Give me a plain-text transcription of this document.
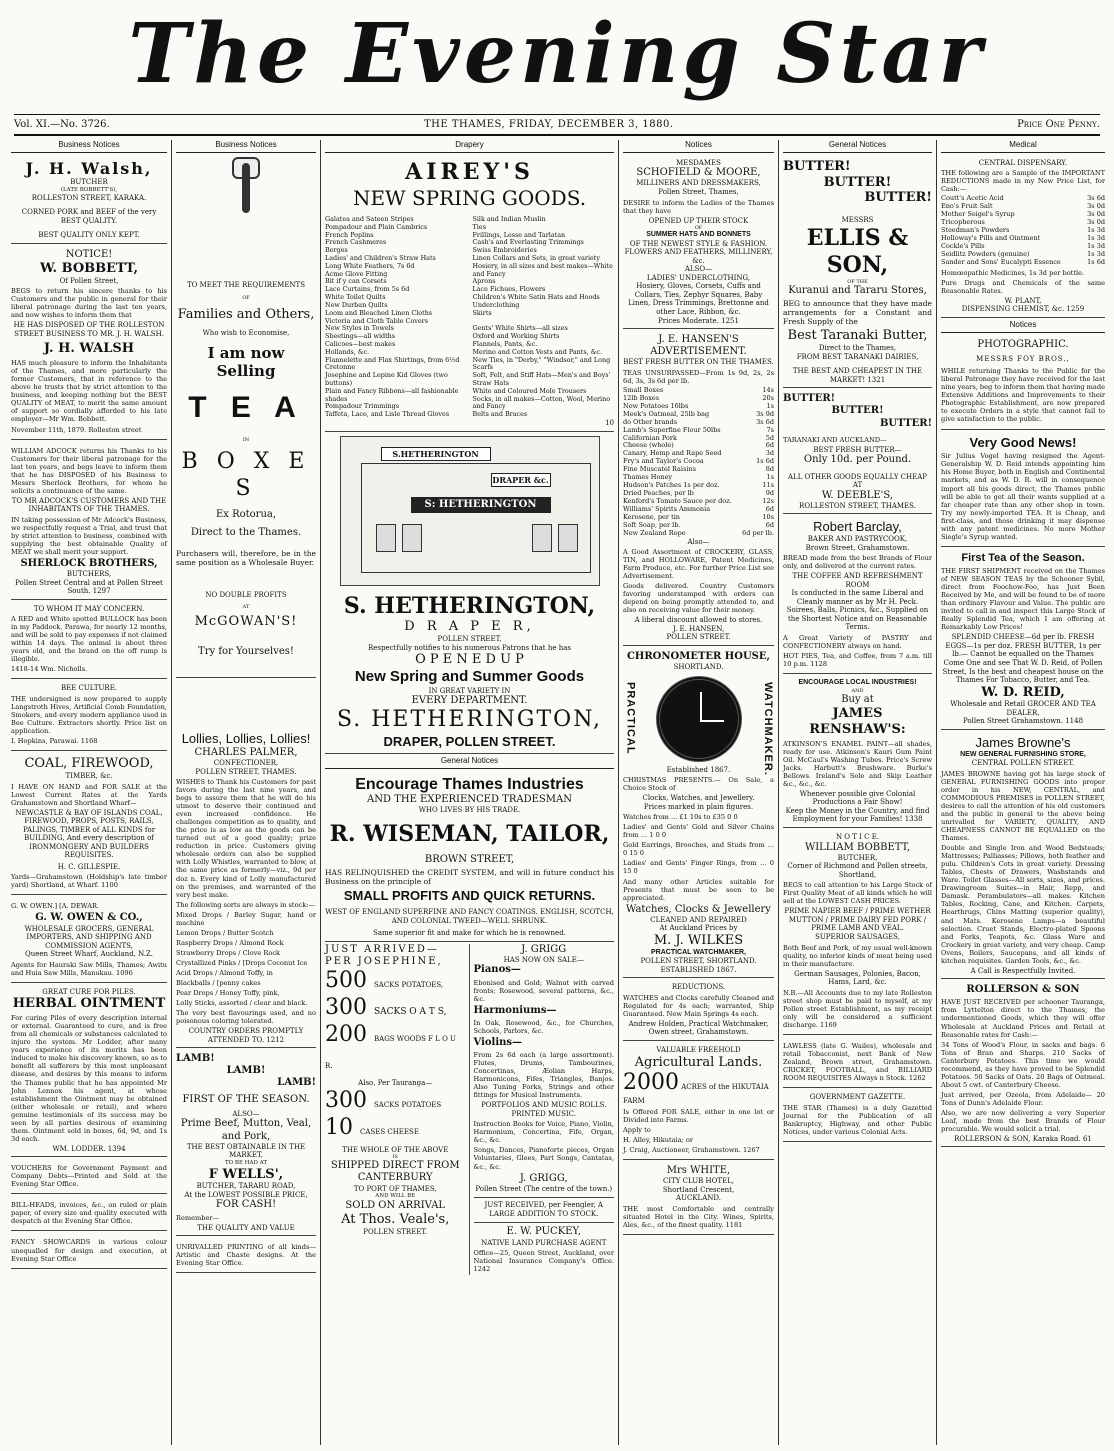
The Evening Star
Vol. XI.—No. 3726.	THE THAMES, FRIDAY, DECEMBER 3, 1880.	Price One Penny.
Business Notices
J. H. Walsh,
BUTCHER
(LATE BOBBETT'S),
ROLLESTON STREET, KARAKA.
CORNED PORK and BEEF of the very BEST QUALITY.
BEST QUALITY ONLY KEPT.
NOTICE!
W. BOBBETT,
Of Pollen Street,
BEGS to return his sincere thanks to his Customers and the public in general for their liberal patronage during the last ten years, and now wishes to inform them that
HE HAS DISPOSED OF THE ROLLESTON STREET BUSINESS TO MR. J. H. WALSH.
J. H. WALSH
HAS much pleasure to inform the Inhabitants of the Thames, and more particularly the former Customers, that in reference to the above he trusts that by strict attention to the business, and keeping nothing but the BEST QUALITY of MEAT, to merit the same amount of support so cordially afforded to his late employer—Mr Wm. Bobbett.
November 11th, 1879. Rolleston street
WILLIAM ADCOCK returns his Thanks to his Customers for their liberal patronage for the last ten years, and begs leave to inform them that he has DISPOSED of his Business to Messrs Sherlock Brothers, for whom he solicits a continuance of the same.
TO MR ADCOCK'S CUSTOMERS AND THE INHABITANTS OF THE THAMES.
IN taking possession of Mr Adcock's Business, we respectfully request a Trial, and trust that by strict attention to business, combined with supplying the best obtainable Quality of MEAT we shall merit your support.
SHERLOCK BROTHERS,
BUTCHERS,
Pollen Street Central and at Pollen Street South. 1297
TO WHOM IT MAY CONCERN.
A RED and White spotted BULLOCK has been in my Paddock, Parawa, for nearly 12 months, and will be sold to pay expenses if not claimed within 14 days. The animal is about three years old, and the brand on the off rump is illegible.
1418-14 Wm. Nicholls.
BEE CULTURE.
THE undersigned is now prepared to supply Langstroth Hives, Artificial Comb Foundation, Smokers, and every modern appliance used in Bee Culture. Extractors shortly. Price list on application.
I. Hopkins, Parawai. 1168
COAL, FIREWOOD,
TIMBER, &c.
I HAVE ON HAND and FOR SALE at the Lowest Current Rates at the Yards Grahamstown and Shortland Wharf—
NEWCASTLE & BAY OF ISLANDS COAL, FIREWOOD, PROPS, POSTS, RAILS, PALINGS, TIMBER of ALL KINDS for BUILDING, And every description of IRONMONGERY AND BUILDERS REQUISITES.
H. C. GILLESPIE.
Yards—Grahamstown (Holdship's late timber yard) Shortland, at Wharf. 1100
G. W. OWEN.] [A. DEWAR.
G. W. OWEN & CO.,
WHOLESALE GROCERS, GENERAL IMPORTERS, AND SHIPPING AND COMMISSION AGENTS,
Queen Street Wharf, Auckland, N.Z.
Agents for Hauraki Saw Mills, Thames; Awitu and Huia Saw Mills, Manukau. 1096
GREAT CURE FOR PILES.
HERBAL OINTMENT
For curing Piles of every description internal or external. Guaranteed to cure, and is free from all chemicals or substances calculated to injure the system. Mr Lodder, after many years experience of its merits has been induced to make his discovery known, so as to benefit all sufferers by this most unpleasant disease, and desires by this means to inform the Thames public that he has appointed Mr John Lennox his agent, at whose establishment the Ointment may be obtained (either wholesale or retail), and where genuine testimonials of its success may be seen by all parties desirous of examining them. Ointment sold in boxes, 6d, 9d, and 1s 3d each.
WM. LODDER. 1394
VOUCHERS for Government Payment and Company Debts—Printed and Sold at the Evening Star Office.
BILL-HEADS, invoices, &c., on ruled or plain paper, of every size and quality executed with despatch at the Evening Star Office.
FANCY SHOWCARDS in various colour unequalled for design and execution, at Evening Star Office
Business Notices
TO MEET THE REQUIREMENTS
OF
Families and Others,
Who wish to Economise,
I am now Selling
T E A
IN
B O X E S
Ex Rotorua,
Direct to the Thames.
Purchasers will, therefore, be in the same position as a Wholesale Buyer.
NO DOUBLE PROFITS
AT
McGOWAN'S!
Try for Yourselves!
Lollies, Lollies, Lollies!
CHARLES PALMER,
CONFECTIONER,
POLLEN STREET, THAMES.
WISHES to Thank his Customers for past favors during the last nine years, and begs to assure them that he will do his utmost to deserve their continued and even increased confidence. He challenges competition as to quality, and the price is as low as the goods can be turned out of a good quality; prize reduction in price. Customers giving wholesale orders can also be supplied with Lolly Whistles, warranted to blow, at the same price as formerly—viz., 9d per doz n. Every kind of Lolly manufactured on the premises, and warranted of the very best make.
The following sorts are always in stock:—
Mixed Drops / Barley Sugar, hand or machine
Lemon Drops / Butter Scotch
Raspberry Drops / Almond Rock
Strawberry Drops / Clove Rock
Crystallized Pinks / [Drops Coconut Ice
Acid Drops / Almond Toffy, in
Blackballs / [penny cakes
Pear Drops / Honey Toffy, pink,
Lolly Sticks, assorted / clear and black.
The very best flavourings used, and no poisonous coloring tolerated.
COUNTRY ORDERS PROMPTLY ATTENDED TO. 1212
LAMB!
LAMB!
LAMB!
FIRST OF THE SEASON.
ALSO—
Prime Beef, Mutton, Veal, and Pork,
THE BEST OBTAINABLE IN THE MARKET,
TO BE HAD AT
F WELLS',
BUTCHER, TARARU ROAD,
At the LOWEST POSSIBLE PRICE,
FOR CASH!
Remember—
THE QUALITY AND VALUE
UNRIVALLED PRINTING of all kinds—Artistic and Chaste designs. At the Evening Star Office.
Drapery
AIREY'S
NEW SPRING GOODS.
Galatea and Sateen Stripes
Pompadour and Plain Cambrics
French Poplins
French Cashmeres
Berges
Ladies' and Children's Straw Hats
Long White Feathers, 7s 6d
Acme Glove Fitting
Bit if y can Corsets
Lace Curtains, from 5s 6d
White Toilet Quilts
New Durban Quilts
Loom and Bleached Linen Cloths
Victoria and Cloth Table Covers
New Styles in Towels
Sheetings—all widths
Calicoes—best makes
Hollands, &c.
Flannelette and Flax Shirtings, from 6½d
Cretonne
Josephine and Lepine Kid Gloves (two buttons)
Plain and Fancy Ribbons—all fashionable shades
Pompadour Trimmings
Taffeta, Lace, and Lisle Thread Gloves
Silk and Indian Muslin
Ties
Frillings, Lesse and Tarlatan
Cash's and Everlasting Trimmings
Swiss Embroideries
Linen Collars and Sets, in great variety
Hosiery, in all sizes and best makes—White and Fancy
Aprons
Lace Fichues, Flowers
Children's White Satin Hats and Hoods
Underclothing
Skirts

Gents' White Shirts—all sizes
Oxford and Working Shirts
Flannels, Pants, &c.
Merino and Cotton Vests and Pants, &c.
New Ties, in "Derby," "Windsor," and Long Scarfs
Soft, Felt, and Stiff Hats—Men's and Boys'
Straw Hats
White and Coloured Mole Trousers
Socks, in all makes—Cotton, Wool, Merino and Fancy
Belts and Braces
10
S.HETHERINGTON
DRAPER &c.
S: HETHERINGTON
S. HETHERINGTON,
D R A P E R,
POLLEN STREET,
Respectfully notifies to his numerous Patrons that he has
O P E N E D U P
New Spring and Summer Goods
IN GREAT VARIETY IN
EVERY DEPARTMENT.
S. HETHERINGTON,
DRAPER, POLLEN STREET.
General Notices
Encourage Thames Industries
AND THE EXPERIENCED TRADESMAN
WHO LIVES BY HIS TRADE.
R. WISEMAN, TAILOR,
BROWN STREET,
HAS RELINQUISHED the CREDIT SYSTEM, and will in future conduct his Business on the principle of
SMALL PROFITS AND QUICK RETURNS.
WEST OF ENGLAND SUPERFINE AND FANCY COATINGS. ENGLISH, SCOTCH, AND COLONIAL TWEED—WELL SHRUNK.
Same superior fit and make for which he is renowned.
JUST ARRIVED— PER JOSEPHINE,
500 SACKS POTATOES,
300 SACKS O A T S,
200 BAGS WOODS F L O U R.
Also, Per Tauranga—
300 SACKS POTATOES
10 CASES CHEESE
THE WHOLE OF THE ABOVE
IS
SHIPPED DIRECT FROM
CANTERBURY
TO PORT OF THAMES,
AND WILL BE
SOLD ON ARRIVAL
At Thos. Veale's,
POLLEN STREET.
J. GRIGG
HAS NOW ON SALE—
Pianos—
Ebonised and Gold; Walnut with carved fronts; Rosewood, several patterns, &c., &c.
Harmoniums—
In Oak, Rosewood, &c., for Churches, Schools, Parlors, &c.
Violins—
From 2s 6d each (a large assortment). Flutes, Drums, Tambourines, Concertinas, Æolian Harps, Harmonicons, Fifes, Triangles, Banjos. Also Tuning Forks, Strings and other fittings for Musical Instruments.
PORTFOLIOS AND MUSIC ROLLS. PRINTED MUSIC.
Instruction Books for Voice, Piano, Violin, Harmonium, Concertina, Fife, Organ, &c., &c.
Songs, Dances, Pianoforte pieces, Organ Voluntaries, Glees, Part Songs, Cantatas, &c., &c.
J. GRIGG,
Pollen Street (The centre of the town.)
JUST RECEIVED, per Feengler, A LARGE ADDITION TO STOCK.
E. W. PUCKEY,
NATIVE LAND PURCHASE AGENT
Office—25, Queen Street, Auckland, over National Insurance Company's Office. 1242
Notices
MESDAMES
SCHOFIELD & MOORE,
MILLINERS AND DRESSMAKERS,
Pollen Street, Thames,
DESIRE to inform the Ladies of the Thames that they have
OPENED UP THEIR STOCK
OF
SUMMER HATS AND BONNETS
OF THE NEWEST STYLE & FASHION.
FLOWERS AND FEATHERS, MILLINERY, &c.
ALSO—
LADIES' UNDERCLOTHING,
Hosiery, Gloves, Corsets, Cuffs and Collars, Ties, Zephyr Squares, Baby Linen, Dress Trimmings, Brettonne and other Lace, Ribbon, &c.
Prices Moderate. 1251
J. E. HANSEN'S ADVERTISEMENT.
BEST FRESH BUTTER ON THE THAMES.
TEAS UNSURPASSED—From 1s 9d, 2s, 2s 6d, 3s, 3s 6d per lb.
Small Boxes	14s
12lb Boxes	20s
New Potatoes 16lbs	1s
Meek's Oatmeal, 25lb bag	3s 9d
do Other brands	3s 6d
Lamb's Superfine Flour 50lbs	7s
Californian Pork	5d
Cheese (whole)	6d
Canary, Hemp and Rape Seed	3d
Fry's and Taylor's Cocoa	1s 6d
Fine Muscatel Raisins	8d
Thames Honey	1s
Hudson's Patches 1s per doz.	11s
Dried Peaches, per lb	9d
Kenford's Tomato Sauce per doz.	12s
Williams' Spirits Ammonia	6d
Kerosene, per tin	10s
Soft Soap, per lb.	6d
New Zealand Rope	6d per lb.
Also—
A Good Assortment of CROCKERY, GLASS, TIN, and HOLLOWARE, Patent Medicines, Farm Produce, etc. For further Price List see Advertisement.
Goods delivered. Country Customers favoring understamped with orders can depend on being promptly attended to, and also on receiving value for their money.
A liberal discount allowed to stores.
J. E. HANSEN,
POLLEN STREET.
CHRONOMETER HOUSE,
SHORTLAND.
PRACTICAL	WATCHMAKER.
Established 1867.
CHRISTMAS PRESENTS.— On Sale, a Choice Stock of
Clocks, Watches, and Jewellery.
Prices marked in plain figures.
Watches from ... £1 10s to £35 0 0
Ladies' and Gents' Gold and Silver Chains from ... 1 0 0
Gold Earrings, Brooches, and Studs from ... 0 15 0
Ladies' and Gents' Finger Rings, from ... 0 15 0
And many other Articles suitable for Presents that must be seen to be appreciated.
Watches, Clocks & Jewellery
CLEANED AND REPAIRED
At Auckland Prices by
M. J. WILKES
PRACTICAL WATCHMAKER,
POLLEN STREET, SHORTLAND.
ESTABLISHED 1867.
REDUCTIONS.
WATCHES and Clocks carefully Cleaned and Regulated for 4s each; warranted, Ship Guaranteed. New Main Springs 4s each.
Andrew Holden, Practical Watchmaker, Owen street, Grahamstown.
VALUABLE FREEHOLD
Agricultural Lands.
2000 ACRES of the HIKUTAIA FARM
Is Offered FOR SALE, either in one lot or Divided into Farms.
Apply to
H. Alley, Hikutaia; or
J. Craig, Auctioneer, Grahamstown. 1267
Mrs WHITE,
CITY CLUB HOTEL,
Shortland Crescent,
AUCKLAND.
THE most Comfortable and centrally situated Hotel in the City. Wines, Spirits, Ales, &c., of the finest quality. 1181
General Notices
BUTTER!
BUTTER!
BUTTER!
MESSRS
ELLIS & SON,
OF THE
Kuranui and Tararu Stores,
BEG to announce that they have made arrangements for a Constant and Fresh Supply of the
Best Taranaki Butter,
Direct to the Thames,
FROM BEST TARANAKI DAIRIES,
THE BEST AND CHEAPEST IN THE MARKET! 1321
BUTTER!
BUTTER!
BUTTER!
TARANAKI AND AUCKLAND—
BEST FRESH BUTTER—
Only 10d. per Pound.
ALL OTHER GOODS EQUALLY CHEAP AT
W. DEEBLE'S,
ROLLESTON STREET, THAMES.
Robert Barclay,
BAKER AND PASTRYCOOK,
Brown Street, Grahamstown.
BREAD made from the best Brands of Flour only, and delivered at the current rates.
THE COFFEE AND REFRESHMENT ROOM
Is conducted in the same Liberal and Cleanly manner as by Mr H. Peck.
Soirees, Balls, Picnics, &c., Supplied on the Shortest Notice and on Reasonable Terms.
A Great Variety of PASTRY and CONFECTIONERY always on hand.
HOT PIES, Tea, and Coffee, from 7 a.m. till 10 p.m. 1128
ENCOURAGE LOCAL INDUSTRIES!
AND
Buy at
JAMES RENSHAW'S:
ATKINSON'S ENAMEL PAINT—all shades, ready for use. Atkinson's Kauri Gum Paint Oil. McCaul's Washing Tubes. Price's Screw Jacks. Harbutt's Brushware. Burke's Bellows. Ireland's Sole and Skip Leather &c., &c., &c.
Whenever possible give Colonial Productions a Fair Show!
Keep the Money in the Country, and find Employment for your Families! 1338
N O T I C E.
WILLIAM BOBBETT,
BUTCHER,
Corner of Richmond and Pollen streets, Shortland,
BEGS to call attention to his Large Stock of First Quality Meat of all kinds which he will sell at the LOWEST CASH PRICES.
PRIME NAPIER BEEF / PRIME WETHER MUTTON / PRIME DAIRY FED PORK / PRIME LAMB AND VEAL.
SUPERIOR SAUSAGES,
Both Beef and Pork, of my usual well-known quality, no inferior kinds of meat being used in their manufacture.
German Sausages, Polonies, Bacon, Hams, Lard, &c.
N.B.—All Accounts due to my late Rolleston street shop must be paid to myself, at my Pollen street Establishment, as my receipt only will be considered a sufficient discharge. 1169
LAWLESS (late G. Wailes), wholesale and retail Tobacconist, next Bank of New Zealand, Brown street, Grahamstown. CRICKET, FOOTBALL, and BILLIARD ROOM REQUISITES Always n Stock. 1262
GOVERNMENT GAZETTE.
THE STAR (Thames) is a duly Gazetted Journal for the Publication of all Bankruptcy, Highway, and other Public Notices, under various Colonial Acts.
Medical
CENTRAL DISPENSARY.
THE following are a Sample of the IMPORTANT REDUCTIONS made in my New Price List, for Cash:—
Coutt's Acetic Acid	3s 6d
Eno's Fruit Salt	3s 0d
Mother Seigel's Syrup	3s 0d
Tricopherous	3s 0d
Steedman's Powders	1s 3d
Holloway's Pills and Ointment	1s 3d
Cockle's Pills	1s 3d
Seidlitz Powders (genuine)	1s 3d
Sander and Sons' Eucalypti Essence	1s 6d
Homœopathic Medicines, 1s 3d per bottle.
Pure Drugs and Chemicals of the same Reasonable Rates.
W. PLANT,
DISPENSING CHEMIST, &c. 1259
Notices
PHOTOGRAPHIC.
MESSRS FOY BROS.,
WHILE returning Thanks to the Public for the liberal Patronage they have received for the last nine years, beg to inform them that having made Extensive Additions and Improvements to their Photographic Establishment, are now prepared to execute Orders in a style that cannot fail to give satisfaction to the public.
Very Good News!
Sir Julius Vogel having resigned the Agent-Generalship W. D. Reid intends appointing him his Home Buyer, both in English and Continental markets, and as W. D. R. will in consequence import all his goods direct, the Thames public will be able to get all their wants supplied at a far cheaper rate than any other shop in town. Try my newly-imported TEA. It is Cheap, and first-class, and those drinking it may dispense with any patent medicines. No more Mother Siegle's Syrup wanted.
First Tea of the Season.
THE FIRST SHIPMENT received on the Thames of NEW SEASON TEAS by the Schooner Sybil, direct from Foochow-Foo, has Just Been Received by Me, and will be found to be of more than ordinary Flavour and Value. The public are invited to call in and inspect this Large Stock of Really Splendid Tea, which I am offering at Remarkably Low Prices!
SPLENDID CHEESE—6d per lb. FRESH EGGS—1s per doz. FRESH BUTTER, 1s per lb.— Cannot be equalled on the Thames
Come One and see That W. D. Reid, of Pollen Street, Is the best and cheapest house on the Thames For Tobacco, Butter, and Tea.
W. D. REID,
Wholesale and Retail GROCER AND TEA DEALER,
Pollen Street Grahamstown. 1148
James Browne's
NEW GENERAL FURNISHING STORE,
CENTRAL POLLEN STREET.
JAMES BROWNE having got his large stock of GENERAL FURNISHING GOODS into proper order in his NEW, CENTRAL, and COMMODIOUS PREMISES in POLLEN STREET, desires to call the attention of his old customers and the public in general to the above being unrivalled for VARIETY, QUALITY, AND CHEAPNESS CANNOT BE EQUALLED on the Thames.
Double and Single Iron and Wood Bedsteads; Mattresses; Palliasses; Pillows, both feather and pulu. Children's Cots in great variety. Dressing Tables, Chests of Drawers, Washstands and Ware. Toilet Glasses—All sorts, sizes, and prices. Drawingroom Suites—in Hair, Repp, and Damask. Perambulators—all makes. Kitchen Tables, Rocking, Cane, and Kitchen. Carpets, Hearthrugs, Chins Matting (superior quality), and Mats. Kerosene Lamps—a beautiful selection. Cruet Stands, Electro-plated Spoons and Forks, Teapots, &c. Glass Ware and Crockery in great variety, and very cheap. Camp Ovens, Boilers, Saucepans, and all kinds of kitchen requisites. Garden Tools, &c., &c.
A Call is Respectfully Invited.
ROLLERSON & SON
HAVE JUST RECEIVED per schooner Tauranga, from Lyttelton direct to the Thames, the undermentioned Goods, which they will offer Wholesale at Auckland Prices and Retail at Reasonable rates for Cash:—
34 Tons of Wood's Flour, in sacks and bags. 6 Tons of Bran and Sharps. 210 Sacks of Canterbury Potatoes. This time we would recommend, as they have proved to be Splendid Potatoes. 50 Sacks of Oats. 20 Bags of Oatmeal. About 5 cwt. of Canterbury Cheese.
Just arrived, per Ozeola, from Adelaide— 20 Tons of Dunn's Adelaide Flour.
Also, we are now delivering a very Superior Loaf, made from the best Brands of Flour procurable. We would solicit a trial.
ROLLERSON & SON, Karaka Road. 61
